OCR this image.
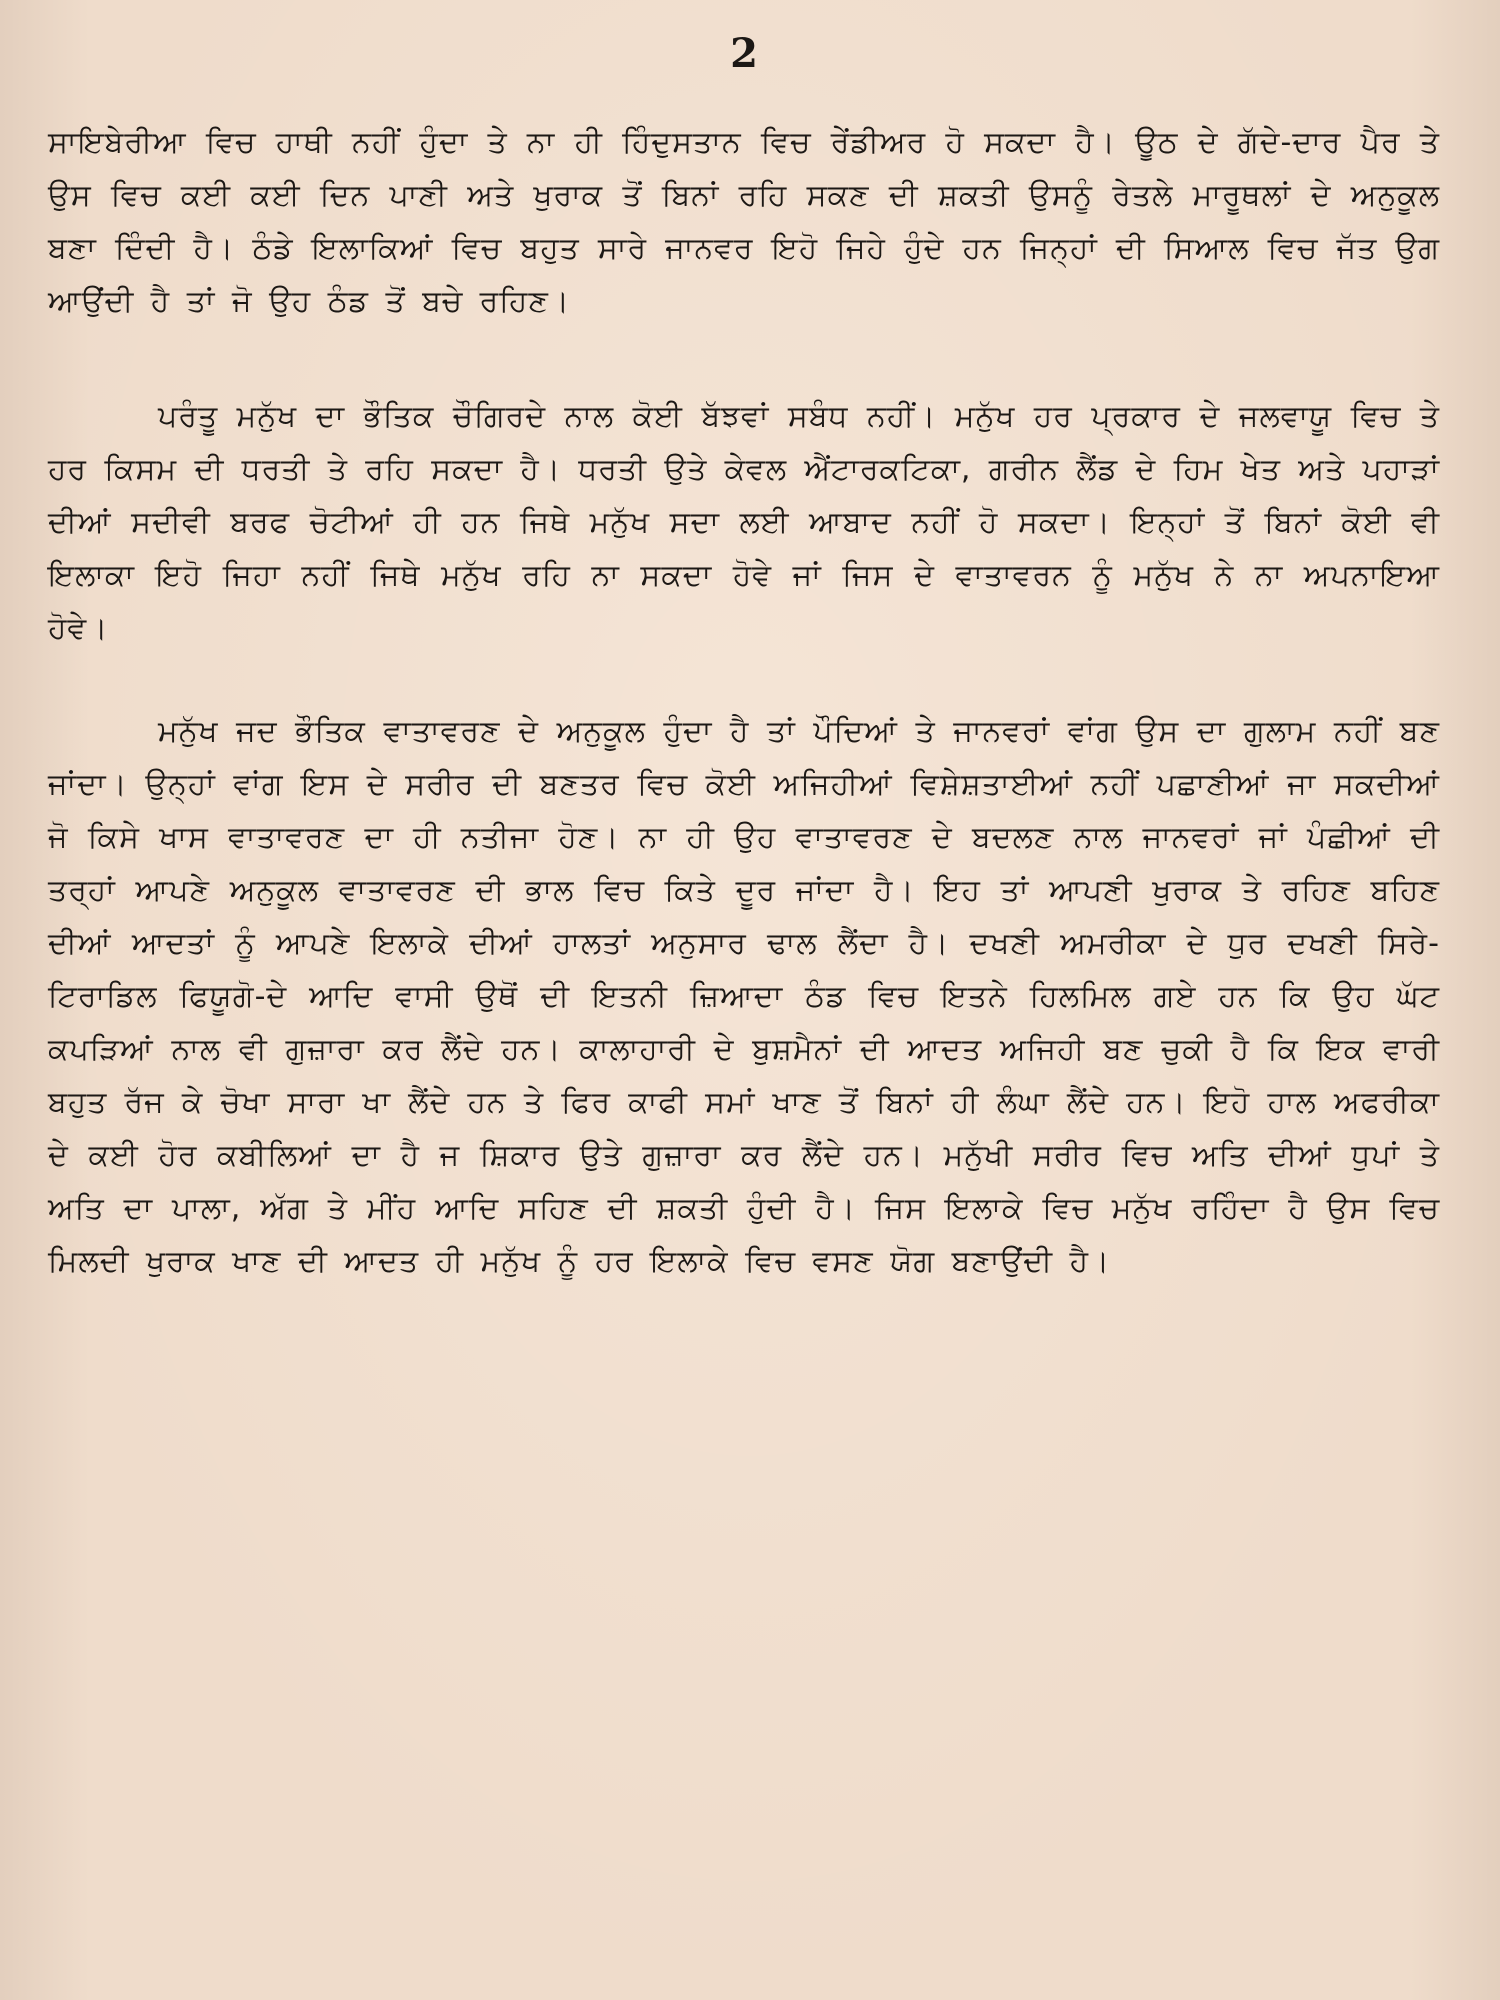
2

ਸਾਇਬੇਰੀਆ ਵਿਚ ਹਾਥੀ ਨਹੀਂ ਹੁੰਦਾ ਤੇ ਨਾ ਹੀ ਹਿੰਦੁਸਤਾਨ ਵਿਚ ਰੇਂਡੀਅਰ ਹੋ ਸਕਦਾ ਹੈ। ਊਠ ਦੇ ਗੱਦੇ-ਦਾਰ ਪੈਰ ਤੇ ਉਸ ਵਿਚ ਕਈ ਕਈ ਦਿਨ ਪਾਣੀ ਅਤੇ ਖੁਰਾਕ ਤੋਂ ਬਿਨਾਂ ਰਹਿ ਸਕਣ ਦੀ ਸ਼ਕਤੀ ਉਸਨੂੰ ਰੇਤਲੇ ਮਾਰੂਥਲਾਂ ਦੇ ਅਨੁਕੂਲ ਬਣਾ ਦਿੰਦੀ ਹੈ। ਠੰਡੇ ਇਲਾਕਿਆਂ ਵਿਚ ਬਹੁਤ ਸਾਰੇ ਜਾਨਵਰ ਇਹੋ ਜਿਹੇ ਹੁੰਦੇ ਹਨ ਜਿਨ੍ਹਾਂ ਦੀ ਸਿਆਲ ਵਿਚ ਜੱਤ ਉਗ ਆਉਂਦੀ ਹੈ ਤਾਂ ਜੋ ਉਹ ਠੰਡ ਤੋਂ ਬਚੇ ਰਹਿਣ।

ਪਰੰਤੂ ਮਨੁੱਖ ਦਾ ਭੌਤਿਕ ਚੌਗਿਰਦੇ ਨਾਲ ਕੋਈ ਬੱਝਵਾਂ ਸਬੰਧ ਨਹੀਂ। ਮਨੁੱਖ ਹਰ ਪ੍ਰਕਾਰ ਦੇ ਜਲਵਾਯੂ ਵਿਚ ਤੇ ਹਰ ਕਿਸਮ ਦੀ ਧਰਤੀ ਤੇ ਰਹਿ ਸਕਦਾ ਹੈ। ਧਰਤੀ ਉਤੇ ਕੇਵਲ ਐਂਟਾਰਕਟਿਕਾ, ਗਰੀਨ ਲੈਂਡ ਦੇ ਹਿਮ ਖੇਤ ਅਤੇ ਪਹਾੜਾਂ ਦੀਆਂ ਸਦੀਵੀ ਬਰਫ ਚੋਟੀਆਂ ਹੀ ਹਨ ਜਿਥੇ ਮਨੁੱਖ ਸਦਾ ਲਈ ਆਬਾਦ ਨਹੀਂ ਹੋ ਸਕਦਾ। ਇਨ੍ਹਾਂ ਤੋਂ ਬਿਨਾਂ ਕੋਈ ਵੀ ਇਲਾਕਾ ਇਹੋ ਜਿਹਾ ਨਹੀਂ ਜਿਥੇ ਮਨੁੱਖ ਰਹਿ ਨਾ ਸਕਦਾ ਹੋਵੇ ਜਾਂ ਜਿਸ ਦੇ ਵਾਤਾਵਰਨ ਨੂੰ ਮਨੁੱਖ ਨੇ ਨਾ ਅਪਨਾਇਆ ਹੋਵੇ।

ਮਨੁੱਖ ਜਦ ਭੌਤਿਕ ਵਾਤਾਵਰਣ ਦੇ ਅਨੁਕੂਲ ਹੁੰਦਾ ਹੈ ਤਾਂ ਪੌਦਿਆਂ ਤੇ ਜਾਨਵਰਾਂ ਵਾਂਗ ਉਸ ਦਾ ਗੁਲਾਮ ਨਹੀਂ ਬਣ ਜਾਂਦਾ। ਉਨ੍ਹਾਂ ਵਾਂਗ ਇਸ ਦੇ ਸਰੀਰ ਦੀ ਬਣਤਰ ਵਿਚ ਕੋਈ ਅਜਿਹੀਆਂ ਵਿਸ਼ੇਸ਼ਤਾਈਆਂ ਨਹੀਂ ਪਛਾਣੀਆਂ ਜਾ ਸਕਦੀਆਂ ਜੋ ਕਿਸੇ ਖਾਸ ਵਾਤਾਵਰਣ ਦਾ ਹੀ ਨਤੀਜਾ ਹੋਣ। ਨਾ ਹੀ ਉਹ ਵਾਤਾਵਰਣ ਦੇ ਬਦਲਣ ਨਾਲ ਜਾਨਵਰਾਂ ਜਾਂ ਪੰਛੀਆਂ ਦੀ ਤਰ੍ਹਾਂ ਆਪਣੇ ਅਨੁਕੂਲ ਵਾਤਾਵਰਣ ਦੀ ਭਾਲ ਵਿਚ ਕਿਤੇ ਦੂਰ ਜਾਂਦਾ ਹੈ। ਇਹ ਤਾਂ ਆਪਣੀ ਖੁਰਾਕ ਤੇ ਰਹਿਣ ਬਹਿਣ ਦੀਆਂ ਆਦਤਾਂ ਨੂੰ ਆਪਣੇ ਇਲਾਕੇ ਦੀਆਂ ਹਾਲਤਾਂ ਅਨੁਸਾਰ ਢਾਲ ਲੈਂਦਾ ਹੈ। ਦਖਣੀ ਅਮਰੀਕਾ ਦੇ ਧੁਰ ਦਖਣੀ ਸਿਰੇ-ਟਿਰਾਡਿਲ ਫਿਯੂਗੋ-ਦੇ ਆਦਿ ਵਾਸੀ ਉਥੋਂ ਦੀ ਇਤਨੀ ਜ਼ਿਆਦਾ ਠੰਡ ਵਿਚ ਇਤਨੇ ਹਿਲਮਿਲ ਗਏ ਹਨ ਕਿ ਉਹ ਘੱਟ ਕਪੜਿਆਂ ਨਾਲ ਵੀ ਗੁਜ਼ਾਰਾ ਕਰ ਲੈਂਦੇ ਹਨ। ਕਾਲਾਹਾਰੀ ਦੇ ਬੁਸ਼ਮੈਨਾਂ ਦੀ ਆਦਤ ਅਜਿਹੀ ਬਣ ਚੁਕੀ ਹੈ ਕਿ ਇਕ ਵਾਰੀ ਬਹੁਤ ਰੱਜ ਕੇ ਚੋਖਾ ਸਾਰਾ ਖਾ ਲੈਂਦੇ ਹਨ ਤੇ ਫਿਰ ਕਾਫੀ ਸਮਾਂ ਖਾਣ ਤੋਂ ਬਿਨਾਂ ਹੀ ਲੰਘਾ ਲੈਂਦੇ ਹਨ। ਇਹੋ ਹਾਲ ਅਫਰੀਕਾ ਦੇ ਕਈ ਹੋਰ ਕਬੀਲਿਆਂ ਦਾ ਹੈ ਜ ਸ਼ਿਕਾਰ ਉਤੇ ਗੁਜ਼ਾਰਾ ਕਰ ਲੈਂਦੇ ਹਨ। ਮਨੁੱਖੀ ਸਰੀਰ ਵਿਚ ਅਤਿ ਦੀਆਂ ਧੁਪਾਂ ਤੇ ਅਤਿ ਦਾ ਪਾਲਾ, ਅੱਗ ਤੇ ਮੀਂਹ ਆਦਿ ਸਹਿਣ ਦੀ ਸ਼ਕਤੀ ਹੁੰਦੀ ਹੈ। ਜਿਸ ਇਲਾਕੇ ਵਿਚ ਮਨੁੱਖ ਰਹਿੰਦਾ ਹੈ ਉਸ ਵਿਚ ਮਿਲਦੀ ਖੁਰਾਕ ਖਾਣ ਦੀ ਆਦਤ ਹੀ ਮਨੁੱਖ ਨੂੰ ਹਰ ਇਲਾਕੇ ਵਿਚ ਵਸਣ ਯੋਗ ਬਣਾਉਂਦੀ ਹੈ।
